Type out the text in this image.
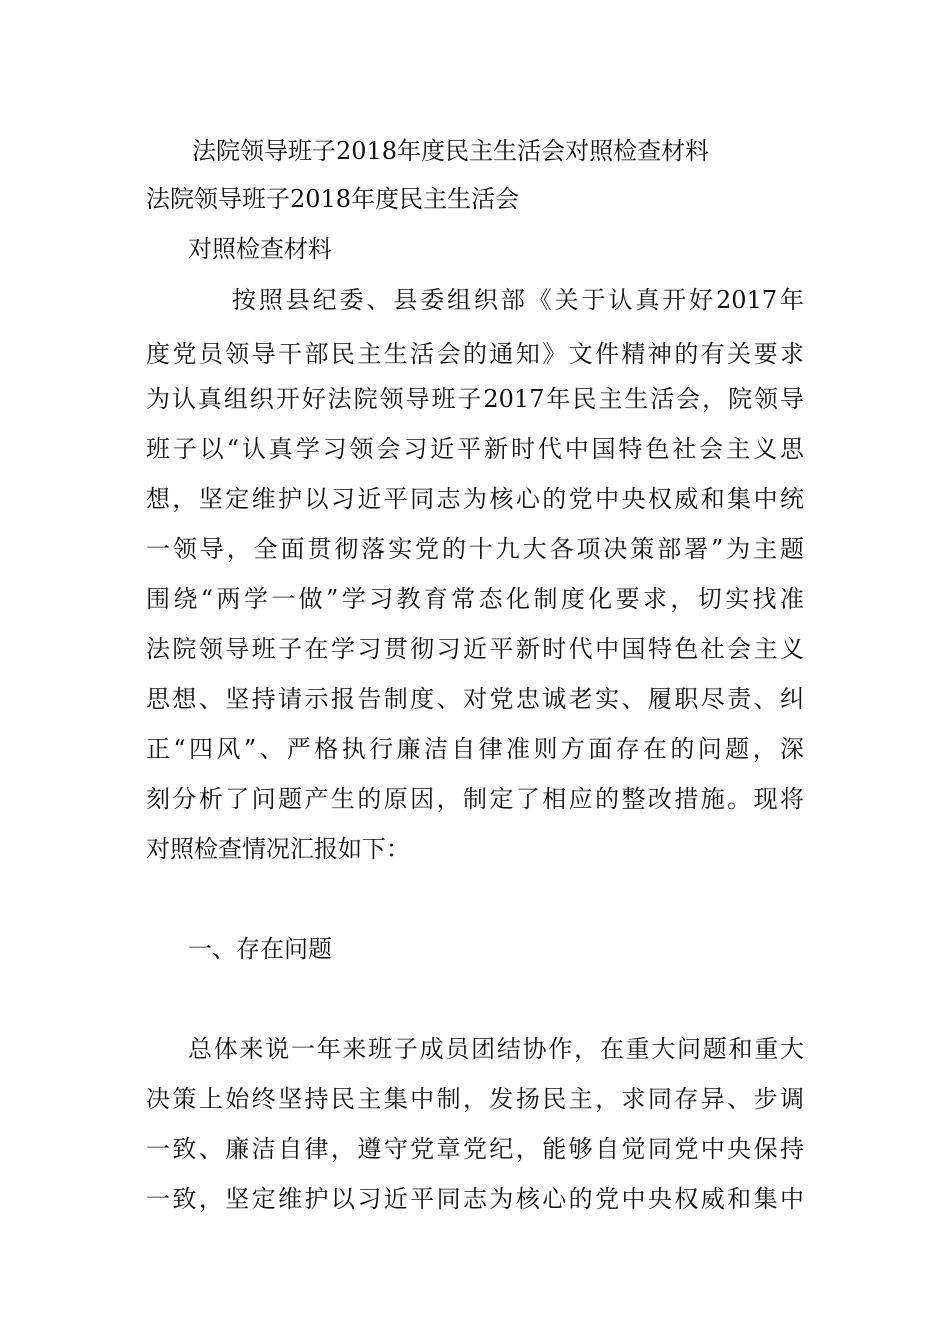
法院领导班子2018年度民主生活会对照检查材料
法院领导班子2018年度民主生活会
对照检查材料
按照县纪委、县委组织部《关于认真开好2017年
度党员领导干部民主生活会的通知》文件精神的有关要求
为认真组织开好法院领导班子2017年民主生活会，院领导
班子以“认真学习领会习近平新时代中国特色社会主义思
想，坚定维护以习近平同志为核心的党中央权威和集中统
一领导，全面贯彻落实党的十九大各项决策部署”为主题
围绕“两学一做”学习教育常态化制度化要求，切实找准
法院领导班子在学习贯彻习近平新时代中国特色社会主义
思想、坚持请示报告制度、对党忠诚老实、履职尽责、纠
正“四风”、严格执行廉洁自律准则方面存在的问题，深
刻分析了问题产生的原因，制定了相应的整改措施。现将
对照检查情况汇报如下：
一、存在问题
总体来说一年来班子成员团结协作，在重大问题和重大
决策上始终坚持民主集中制，发扬民主，求同存异、步调
一致、廉洁自律，遵守党章党纪，能够自觉同党中央保持
一致，坚定维护以习近平同志为核心的党中央权威和集中
